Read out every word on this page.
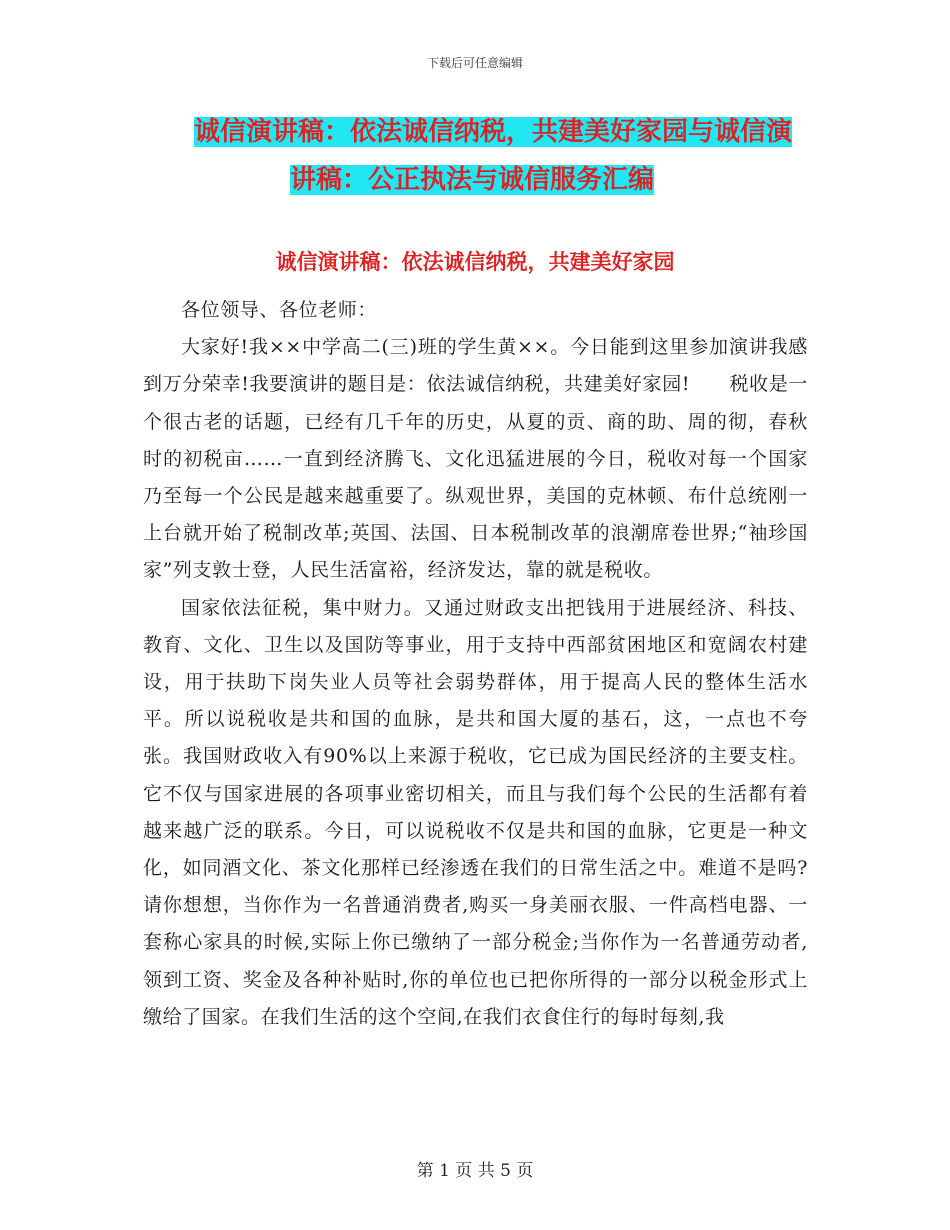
下载后可任意编辑
诚信演讲稿：依法诚信纳税，共建美好家园与诚信演
讲稿：公正执法与诚信服务汇编
诚信演讲稿：依法诚信纳税，共建美好家园

各位领导、各位老师：

大家好!我××中学高二(三)班的学生黄××。今日能到这里参加演讲我感到万分荣幸!我要演讲的题目是：依法诚信纳税，共建美好家园!　　税收是一个很古老的话题，已经有几千年的历史，从夏的贡、商的助、周的彻，春秋时的初税亩……一直到经济腾飞、文化迅猛进展的今日，税收对每一个国家乃至每一个公民是越来越重要了。纵观世界，美国的克林顿、布什总统刚一上台就开始了税制改革;英国、法国、日本税制改革的浪潮席卷世界;“袖珍国家”列支敦士登，人民生活富裕，经济发达，靠的就是税收。

国家依法征税，集中财力。又通过财政支出把钱用于进展经济、科技、教育、文化、卫生以及国防等事业，用于支持中西部贫困地区和宽阔农村建设，用于扶助下岗失业人员等社会弱势群体，用于提高人民的整体生活水平。所以说税收是共和国的血脉，是共和国大厦的基石，这，一点也不夸张。我国财政收入有90%以上来源于税收，它已成为国民经济的主要支柱。它不仅与国家进展的各项事业密切相关，而且与我们每个公民的生活都有着越来越广泛的联系。今日，可以说税收不仅是共和国的血脉，它更是一种文化，如同酒文化、茶文化那样已经渗透在我们的日常生活之中。难道不是吗?请你想想，当你作为一名普通消费者,购买一身美丽衣服、一件高档电器、一套称心家具的时候,实际上你已缴纳了一部分税金;当你作为一名普通劳动者,领到工资、奖金及各种补贴时,你的单位也已把你所得的一部分以税金形式上缴给了国家。在我们生活的这个空间,在我们衣食住行的每时每刻,我

第 1 页 共 5 页
